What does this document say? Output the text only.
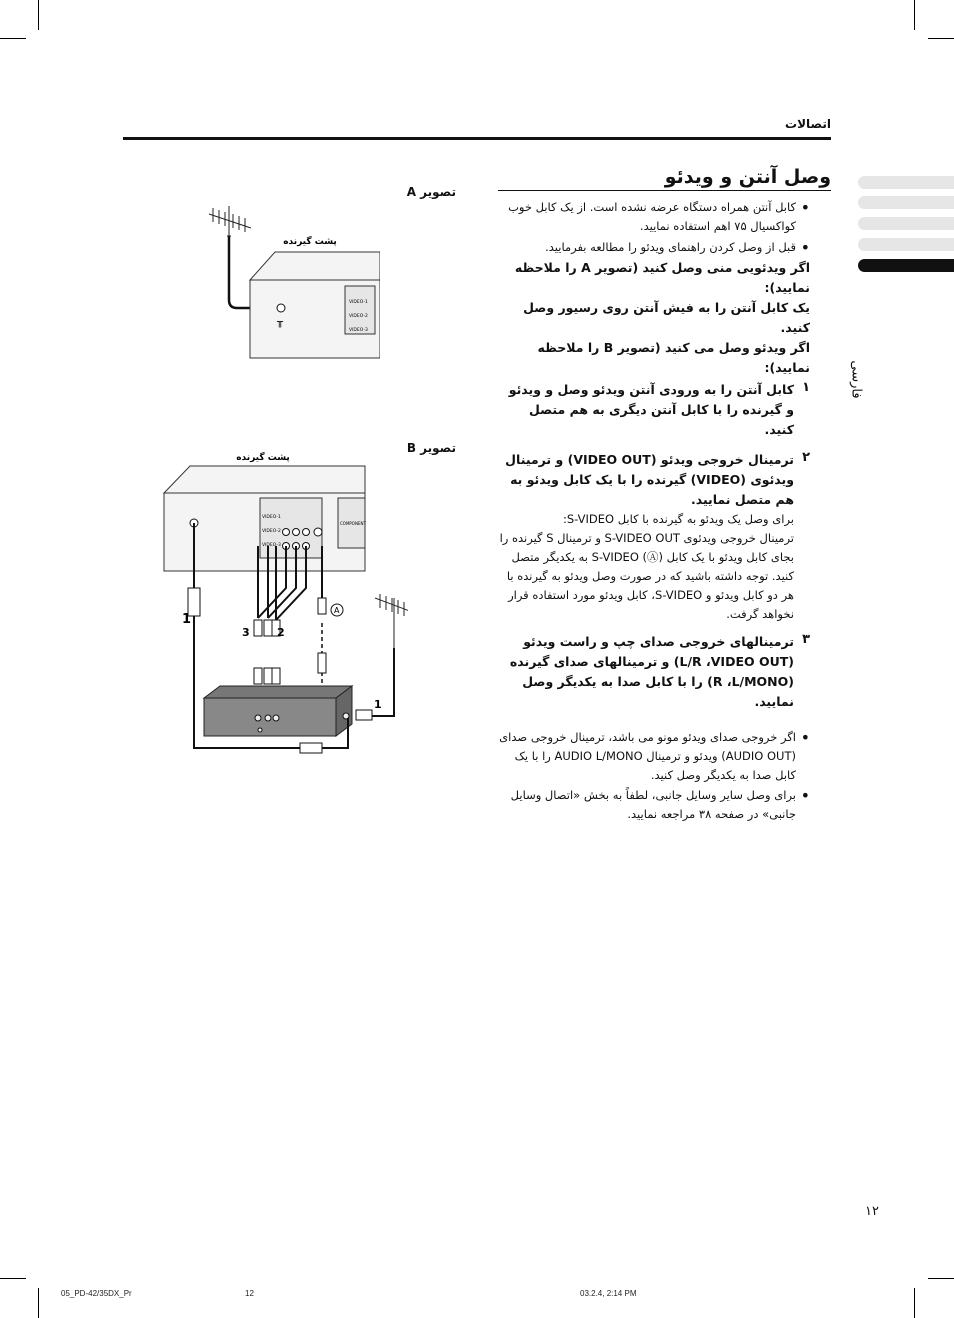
اتصالات
فارسی
وصل آنتن و ویدئو
•
کابل آنتن همراه دستگاه عرضه نشده است. از یک کابل خوب کواکسیال ۷۵ اهم استفاده نمایید.
•
قبل از وصل کردن راهنمای ویدئو را مطالعه بفرمایید.
اگر ویدئویی منی وصل کنید (تصویر A را ملاحظه نمایید):
یک کابل آنتن را به فیش آنتن روی رسیور وصل کنید.
اگر ویدئو وصل می کنید (تصویر B را ملاحظه نمایید):
۱
کابل آنتن را به ورودی آنتن ویدئو وصل و ویدئو و گیرنده را با کابل آنتن دیگری به هم متصل کنید.
۲
ترمینال خروجی ویدئو (VIDEO OUT) و ترمینال ویدئوی (VIDEO) گیرنده را با یک کابل ویدئو به هم متصل نمایید.
برای وصل یک ویدئو به گیرنده با کابل S-VIDEO:
ترمینال خروجی ویدئوی S-VIDEO OUT و ترمینال S گیرنده را بجای کابل ویدئو با یک کابل S-VIDEO (Ⓐ) به یکدیگر متصل کنید. توجه داشته باشید که در صورت وصل ویدئو به گیرنده با هر دو کابل ویدئو و S-VIDEO، کابل ویدئو مورد استفاده قرار نخواهد گرفت.
۳
ترمینالهای خروجی صدای چپ و راست ویدئو (L/R ،VIDEO OUT) و ترمینالهای صدای گیرنده (R ،L/MONO) را با کابل صدا به یکدیگر وصل نمایید.
•
اگر خروجی صدای ویدئو مونو می باشد، ترمینال خروجی صدای (AUDIO OUT) ویدئو و ترمینال AUDIO L/MONO را با یک کابل صدا به یکدیگر وصل کنید.
•
برای وصل سایر وسایل جانبی، لطفاً به بخش «اتصال وسایل جانبی» در صفحه ۳۸ مراجعه نمایید.
تصویر A
تصویر B
پشت گیرنده
VIDEO-1
VIDEO-2
VIDEO-3
╥
پشت گیرنده
VIDEO-1
VIDEO-2
VIDEO-3
COMPONENT
A
1
3 2
1
۱۲
05_PD-42/35DX_Pr	12	03.2.4, 2:14 PM
